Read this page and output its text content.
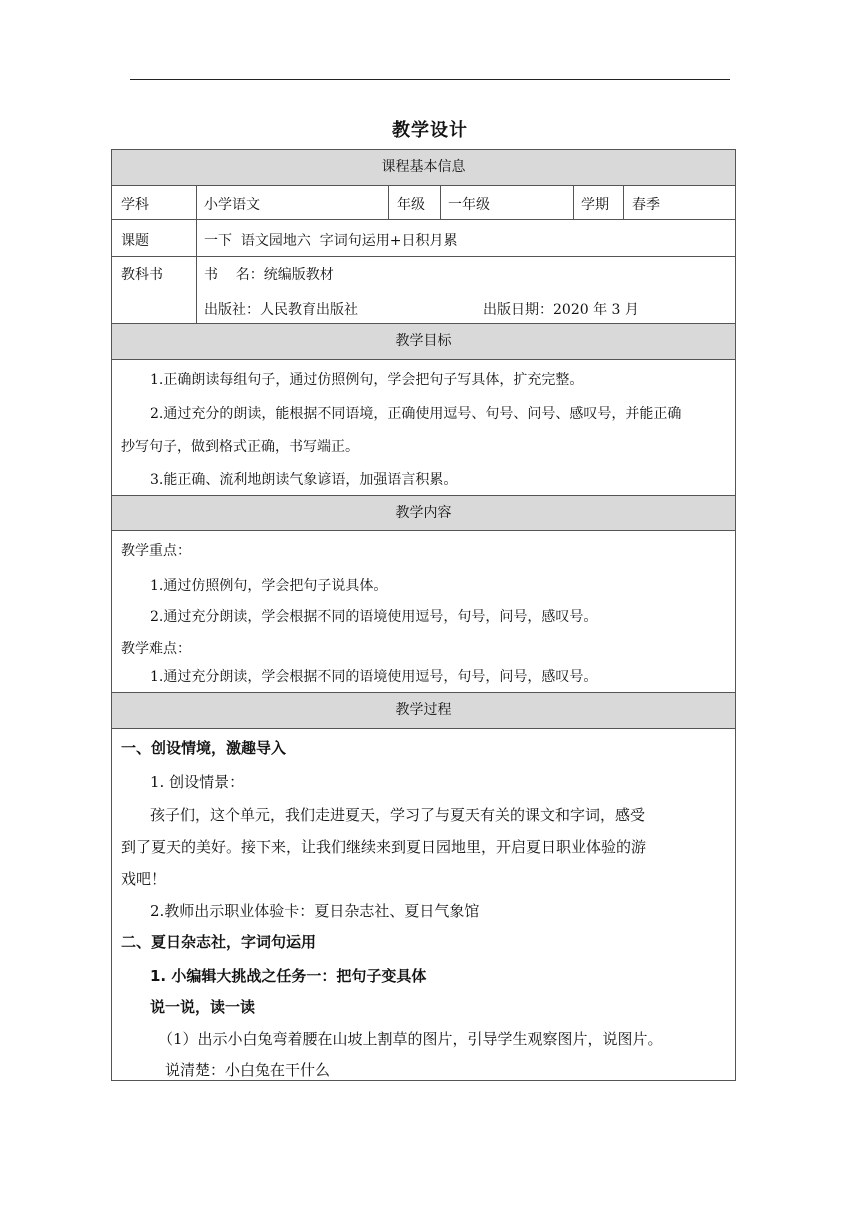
教学设计
课程基本信息
学科	小学语文	年级 一年级	学期 春季
课题	一下  语文园地六  字词句运用+日积月累
教科书	书    名：统编版教材
出版社：人民教育出版社	出版日期：2020 年 3 月
教学目标
1.正确朗读每组句子，通过仿照例句，学会把句子写具体，扩充完整。
2.通过充分的朗读，能根据不同语境，正确使用逗号、句号、问号、感叹号，并能正确
抄写句子，做到格式正确，书写端正。
3.能正确、流利地朗读气象谚语，加强语言积累。
教学内容
教学重点：
1.通过仿照例句，学会把句子说具体。
2.通过充分朗读，学会根据不同的语境使用逗号，句号，问号，感叹号。
教学难点：
1.通过充分朗读，学会根据不同的语境使用逗号，句号，问号，感叹号。
教学过程
一、创设情境，激趣导入
1. 创设情景：
孩子们，这个单元，我们走进夏天，学习了与夏天有关的课文和字词，感受
到了夏天的美好。接下来，让我们继续来到夏日园地里，开启夏日职业体验的游
戏吧！
2.教师出示职业体验卡：夏日杂志社、夏日气象馆
二、夏日杂志社，字词句运用
1. 小编辑大挑战之任务一：把句子变具体
说一说，读一读
（1）出示小白兔弯着腰在山坡上割草的图片，引导学生观察图片，说图片。
说清楚：小白兔在干什么
